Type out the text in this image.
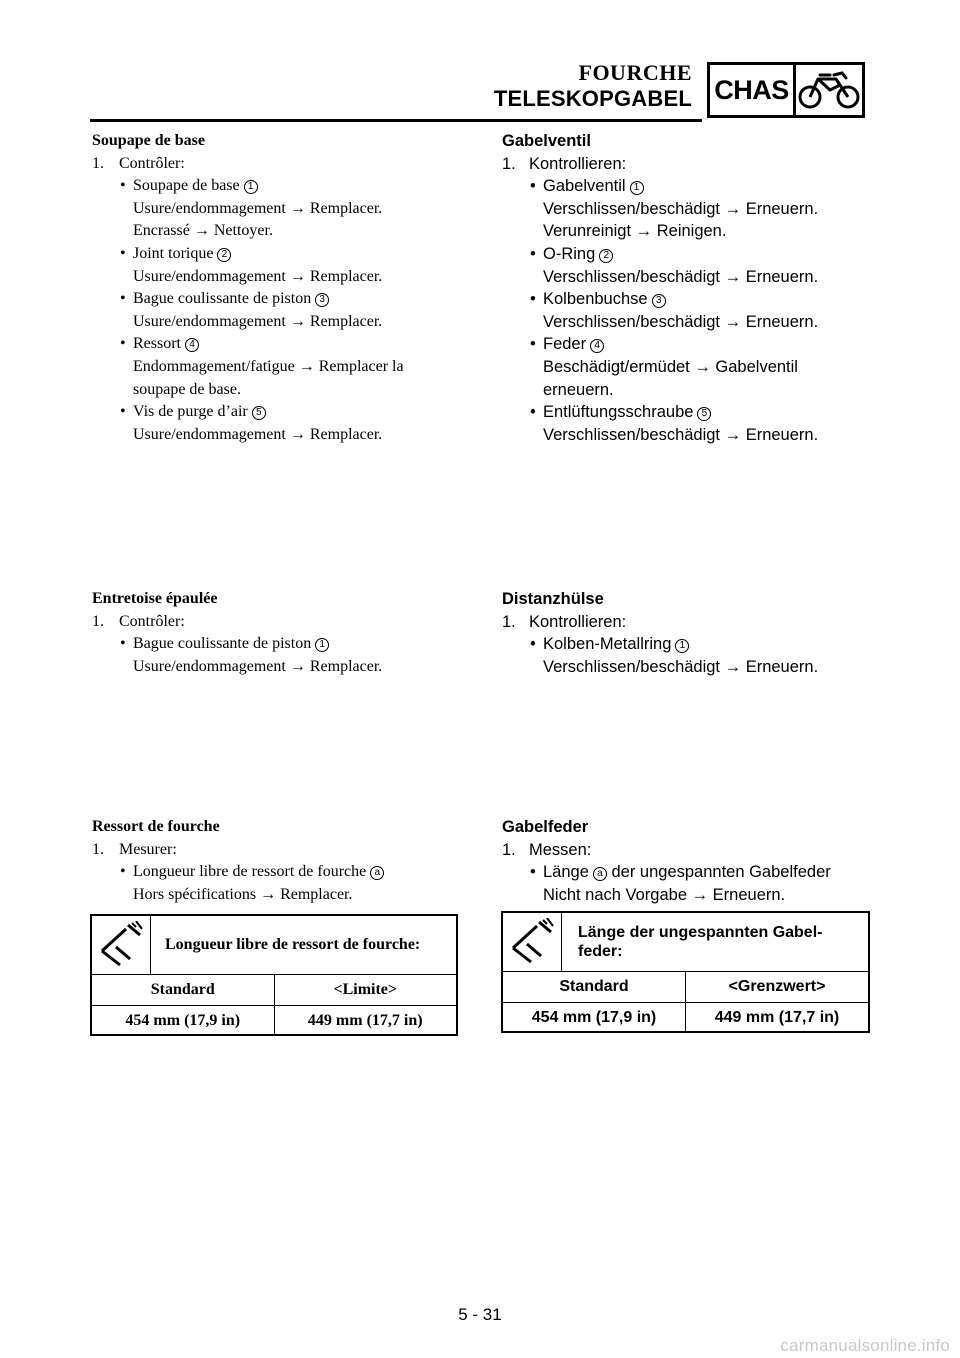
FOURCHE
TELESKOPGABEL CHAS
Soupape de base
1. Contrôler:
• Soupape de base 1
Usure/endommagement → Remplacer.
Encrassé → Nettoyer.
• Joint torique 2
Usure/endommagement → Remplacer.
• Bague coulissante de piston 3
Usure/endommagement → Remplacer.
• Ressort 4
Endommagement/fatigue → Remplacer la
soupape de base.
• Vis de purge d’air 5
Usure/endommagement → Remplacer.
Gabelventil
1. Kontrollieren:
• Gabelventil 1
Verschlissen/beschädigt → Erneuern.
Verunreinigt → Reinigen.
• O-Ring 2
Verschlissen/beschädigt → Erneuern.
• Kolbenbuchse 3
Verschlissen/beschädigt → Erneuern.
• Feder 4
Beschädigt/ermüdet → Gabelventil
erneuern.
• Entlüftungsschraube 5
Verschlissen/beschädigt → Erneuern.
Entretoise épaulée
1. Contrôler:
• Bague coulissante de piston 1
Usure/endommagement → Remplacer.
Distanzhülse
1. Kontrollieren:
• Kolben-Metallring 1
Verschlissen/beschädigt → Erneuern.
Ressort de fourche
1. Mesurer:
• Longueur libre de ressort de fourche a
Hors spécifications → Remplacer.
Gabelfeder
1. Messen:
• Länge a der ungespannten Gabelfeder
Nicht nach Vorgabe → Erneuern.
Longueur libre de ressort de fourche:
Standard	<Limite>
454 mm (17,9 in)	449 mm (17,7 in)
Länge der ungespannten Gabel-
feder:
Standard	<Grenzwert>
454 mm (17,9 in)	449 mm (17,7 in)
5 - 31
carmanualsonline.info
